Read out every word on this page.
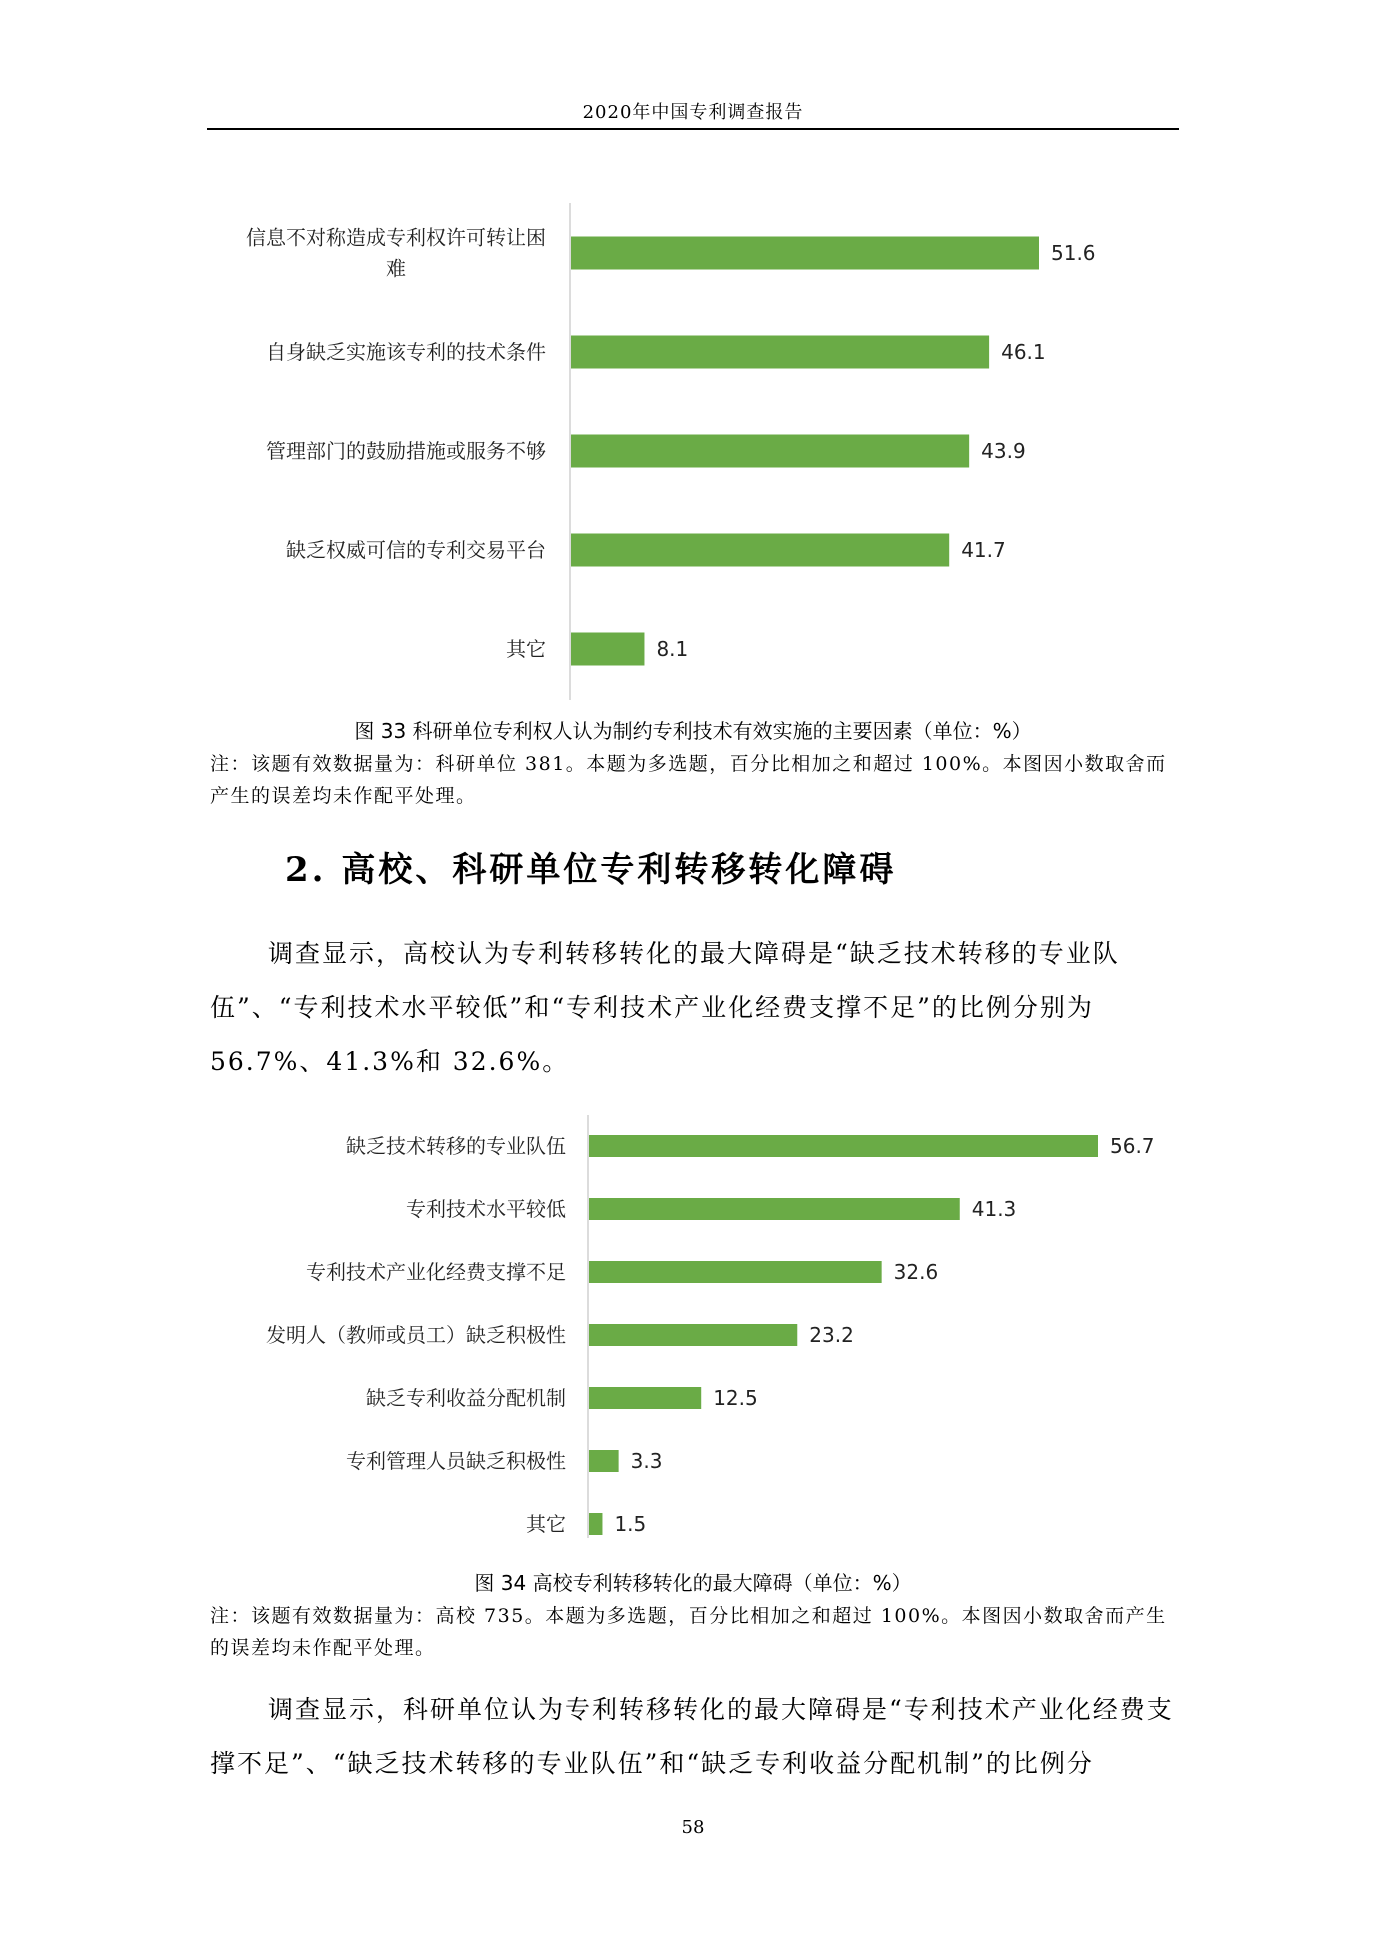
2020年中国专利调查报告
51.6
信息不对称造成专利权许可转让困
难
46.1
自身缺乏实施该专利的技术条件
43.9
管理部门的鼓励措施或服务不够
41.7
缺乏权威可信的专利交易平台
8.1
其它
图 33 科研单位专利权人认为制约专利技术有效实施的主要因素（单位：%）
注：该题有效数据量为：科研单位 381。本题为多选题，百分比相加之和超过 100%。本图因小数取舍而产生的误差均未作配平处理。
2. 高校、科研单位专利转移转化障碍

调查显示，高校认为专利转移转化的最大障碍是“缺乏技术转移的专业队伍”、“专利技术水平较低”和“专利技术产业化经费支撑不足”的比例分别为 56.7%、41.3%和 32.6%。

56.7
缺乏技术转移的专业队伍
41.3
专利技术水平较低
32.6
专利技术产业化经费支撑不足
23.2
发明人（教师或员工）缺乏积极性
12.5
缺乏专利收益分配机制
3.3
专利管理人员缺乏积极性
1.5
其它
图 34 高校专利转移转化的最大障碍（单位：%）
注：该题有效数据量为：高校 735。本题为多选题，百分比相加之和超过 100%。本图因小数取舍而产生的误差均未作配平处理。

调查显示，科研单位认为专利转移转化的最大障碍是“专利技术产业化经费支撑不足”、“缺乏技术转移的专业队伍”和“缺乏专利收益分配机制”的比例分

58
